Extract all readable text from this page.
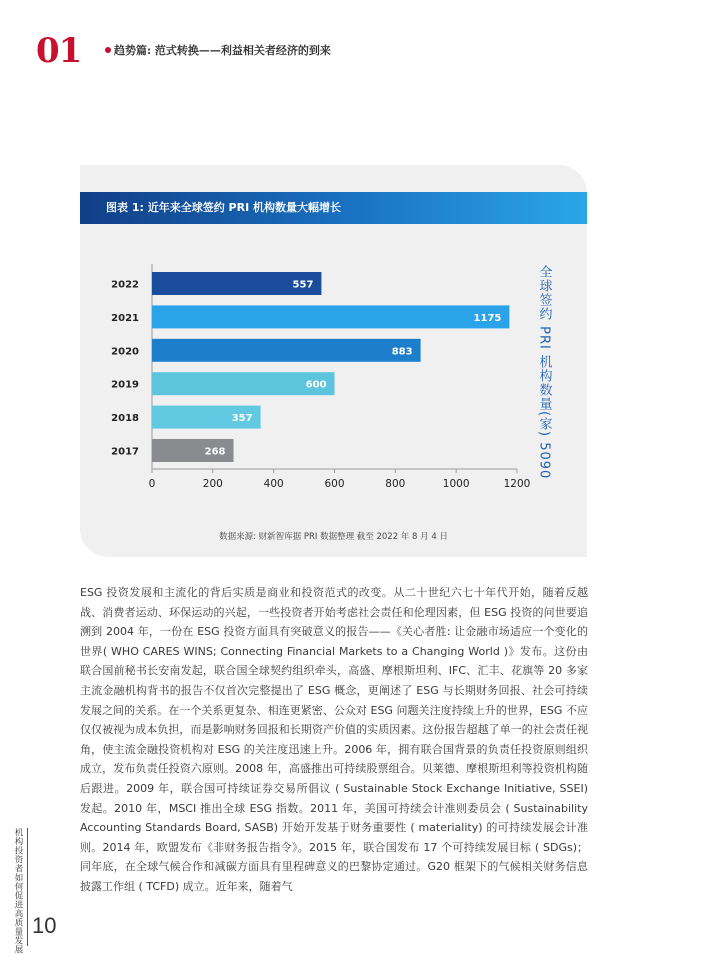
01	趋势篇: 范式转换——利益相关者经济的到来
图表 1: 近年来全球签约 PRI 机构数量大幅增长
557
2022
1175
2021
883
2020
600
2019
357
2018
268
2017
0	200	400	600	800	1000	1200
全球签约 PRI 机构数量(家) 5090
数据来源: 财新智库据 PRI 数据整理 截至 2022 年 8 月 4 日

ESG 投资发展和主流化的背后实质是商业和投资范式的改变。从二十世纪六七十年代开始，随着反越战、消费者运动、环保运动的兴起，一些投资者开始考虑社会责任和伦理因素，但 ESG 投资的问世要追溯到 2004 年，一份在 ESG 投资方面具有突破意义的报告——《关心者胜: 让金融市场适应一个变化的世界( WHO CARES WINS; Connecting Financial Markets to a Changing World )》发布。这份由联合国前秘书长安南发起，联合国全球契约组织牵头，高盛、摩根斯坦利、IFC、汇丰、花旗等 20 多家主流金融机构背书的报告不仅首次完整提出了 ESG 概念，更阐述了 ESG 与长期财务回报、社会可持续发展之间的关系。在一个关系更复杂、相连更紧密、公众对 ESG 问题关注度持续上升的世界，ESG 不应仅仅被视为成本负担，而是影响财务回报和长期资产价值的实质因素。这份报告超越了单一的社会责任视角，使主流金融投资机构对 ESG 的关注度迅速上升。2006 年，拥有联合国背景的负责任投资原则组织成立，发布负责任投资六原则。2008 年，高盛推出可持续股票组合。贝莱德、摩根斯坦利等投资机构随后跟进。2009 年，联合国可持续证券交易所倡议 ( Sustainable Stock Exchange Initiative, SSEI) 发起。2010 年，MSCI 推出全球 ESG 指数。2011 年，美国可持续会计准则委员会 ( Sustainability Accounting Standards Board, SASB) 开始开发基于财务重要性 ( materiality) 的可持续发展会计准则。2014 年，欧盟发布《非财务报告指令》。2015 年，联合国发布 17 个可持续发展目标 ( SDGs)；同年底，在全球气候合作和减碳方面具有里程碑意义的巴黎协定通过。G20 框架下的气候相关财务信息披露工作组 ( TCFD) 成立。近年来，随着气

机构投资者如何促进高质量发展 10
